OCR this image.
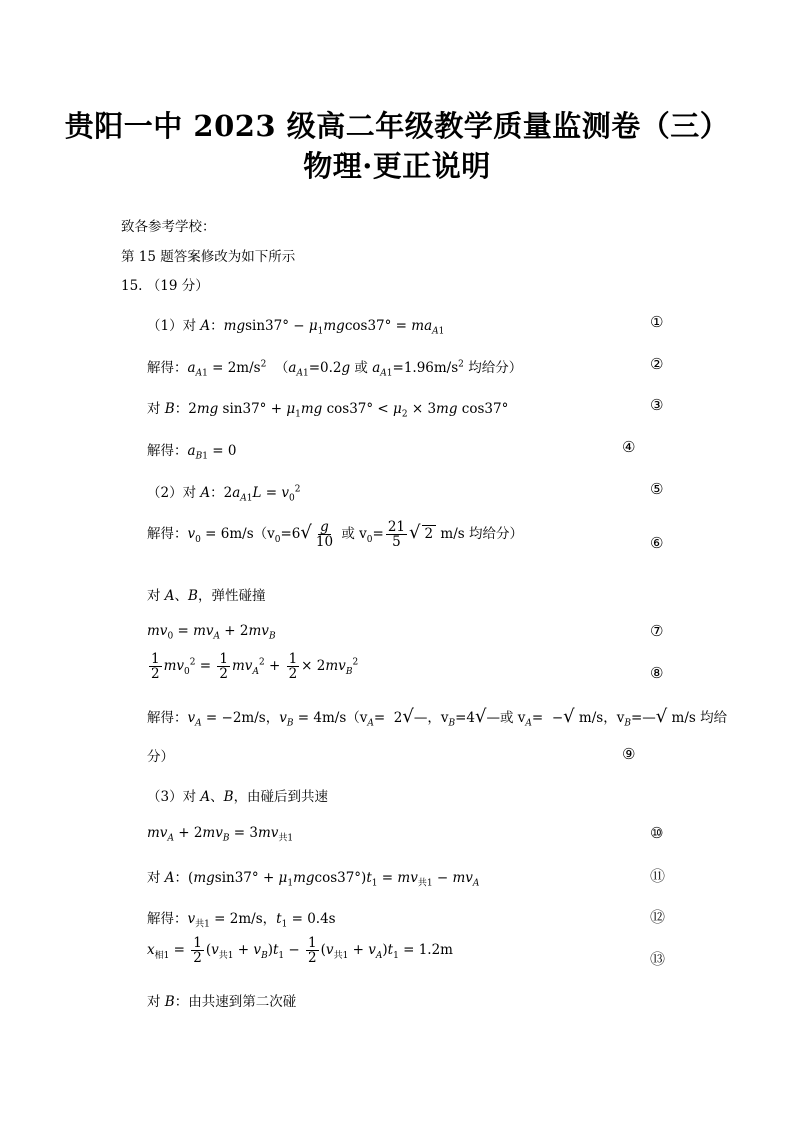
贵阳一中 2023 级高二年级教学质量监测卷（三）
物理·更正说明
致各参考学校：
第 15 题答案修改为如下所示
15. （19 分）
（1）对 A：$mgsin37^\circ - \mu_1mgcos37^\circ = ma_{A1}$
①
解得：$a_{A1} = 2m/s^2$  （$a_{A1}=0.2g$ 或 $a_{A1}=1.96m/s^2$ 均给分）	②
对 B：2mg $\sin 37^\circ + \mu_1mg$ $\cos 37^\circ < \mu_2 \times 3mg$ cos37°	③
解得：$a_{B1} = 0$	④
（2）对 A：$2a_{A1}L = v_0^2$	⑤
解得：$v_0 = 6m/s(v_0=6√ \frac{g}{10}$ 或 $v_0= \frac{21}{5}$ √ 2 m/s 均给分）	⑥
对 A、B，弹性碰撞
$mv_0 = mv_A + 2mv_B$	⑦
$\frac{1}{2} mv_0^2 = \frac{1}{2} mv_A^2 + \frac{1}{2} \times 2mv_B^2$
⑧
解得：$v_A = -2m/s$，$v_B = 4m/s(v_A=$  2√—，$v_B=4√—$或 $v_A=$  −√ m/s，$v_B=—√$ m/s 均给
分）	⑨
（3）对 A、B，由碰后到共速
$mv_A + 2mv_B = 3mv_{共1}$	⑩
对 A：$(mgsin37^\circ + \mu_1mgcos37^\circ)t_1 = mv_{共1} - mv_A$	⑪
解得：$v_{共1} = 2m/s$，$t_1 = 0.4s$	⑫
$x_{相1} = \frac{1}{2} (v_{共1} + v_B)t_1 - \frac{1}{2} (v_{共1} + v_A)t_1 = 1.2m$	⑬
对 B：由共速到第二次碰
